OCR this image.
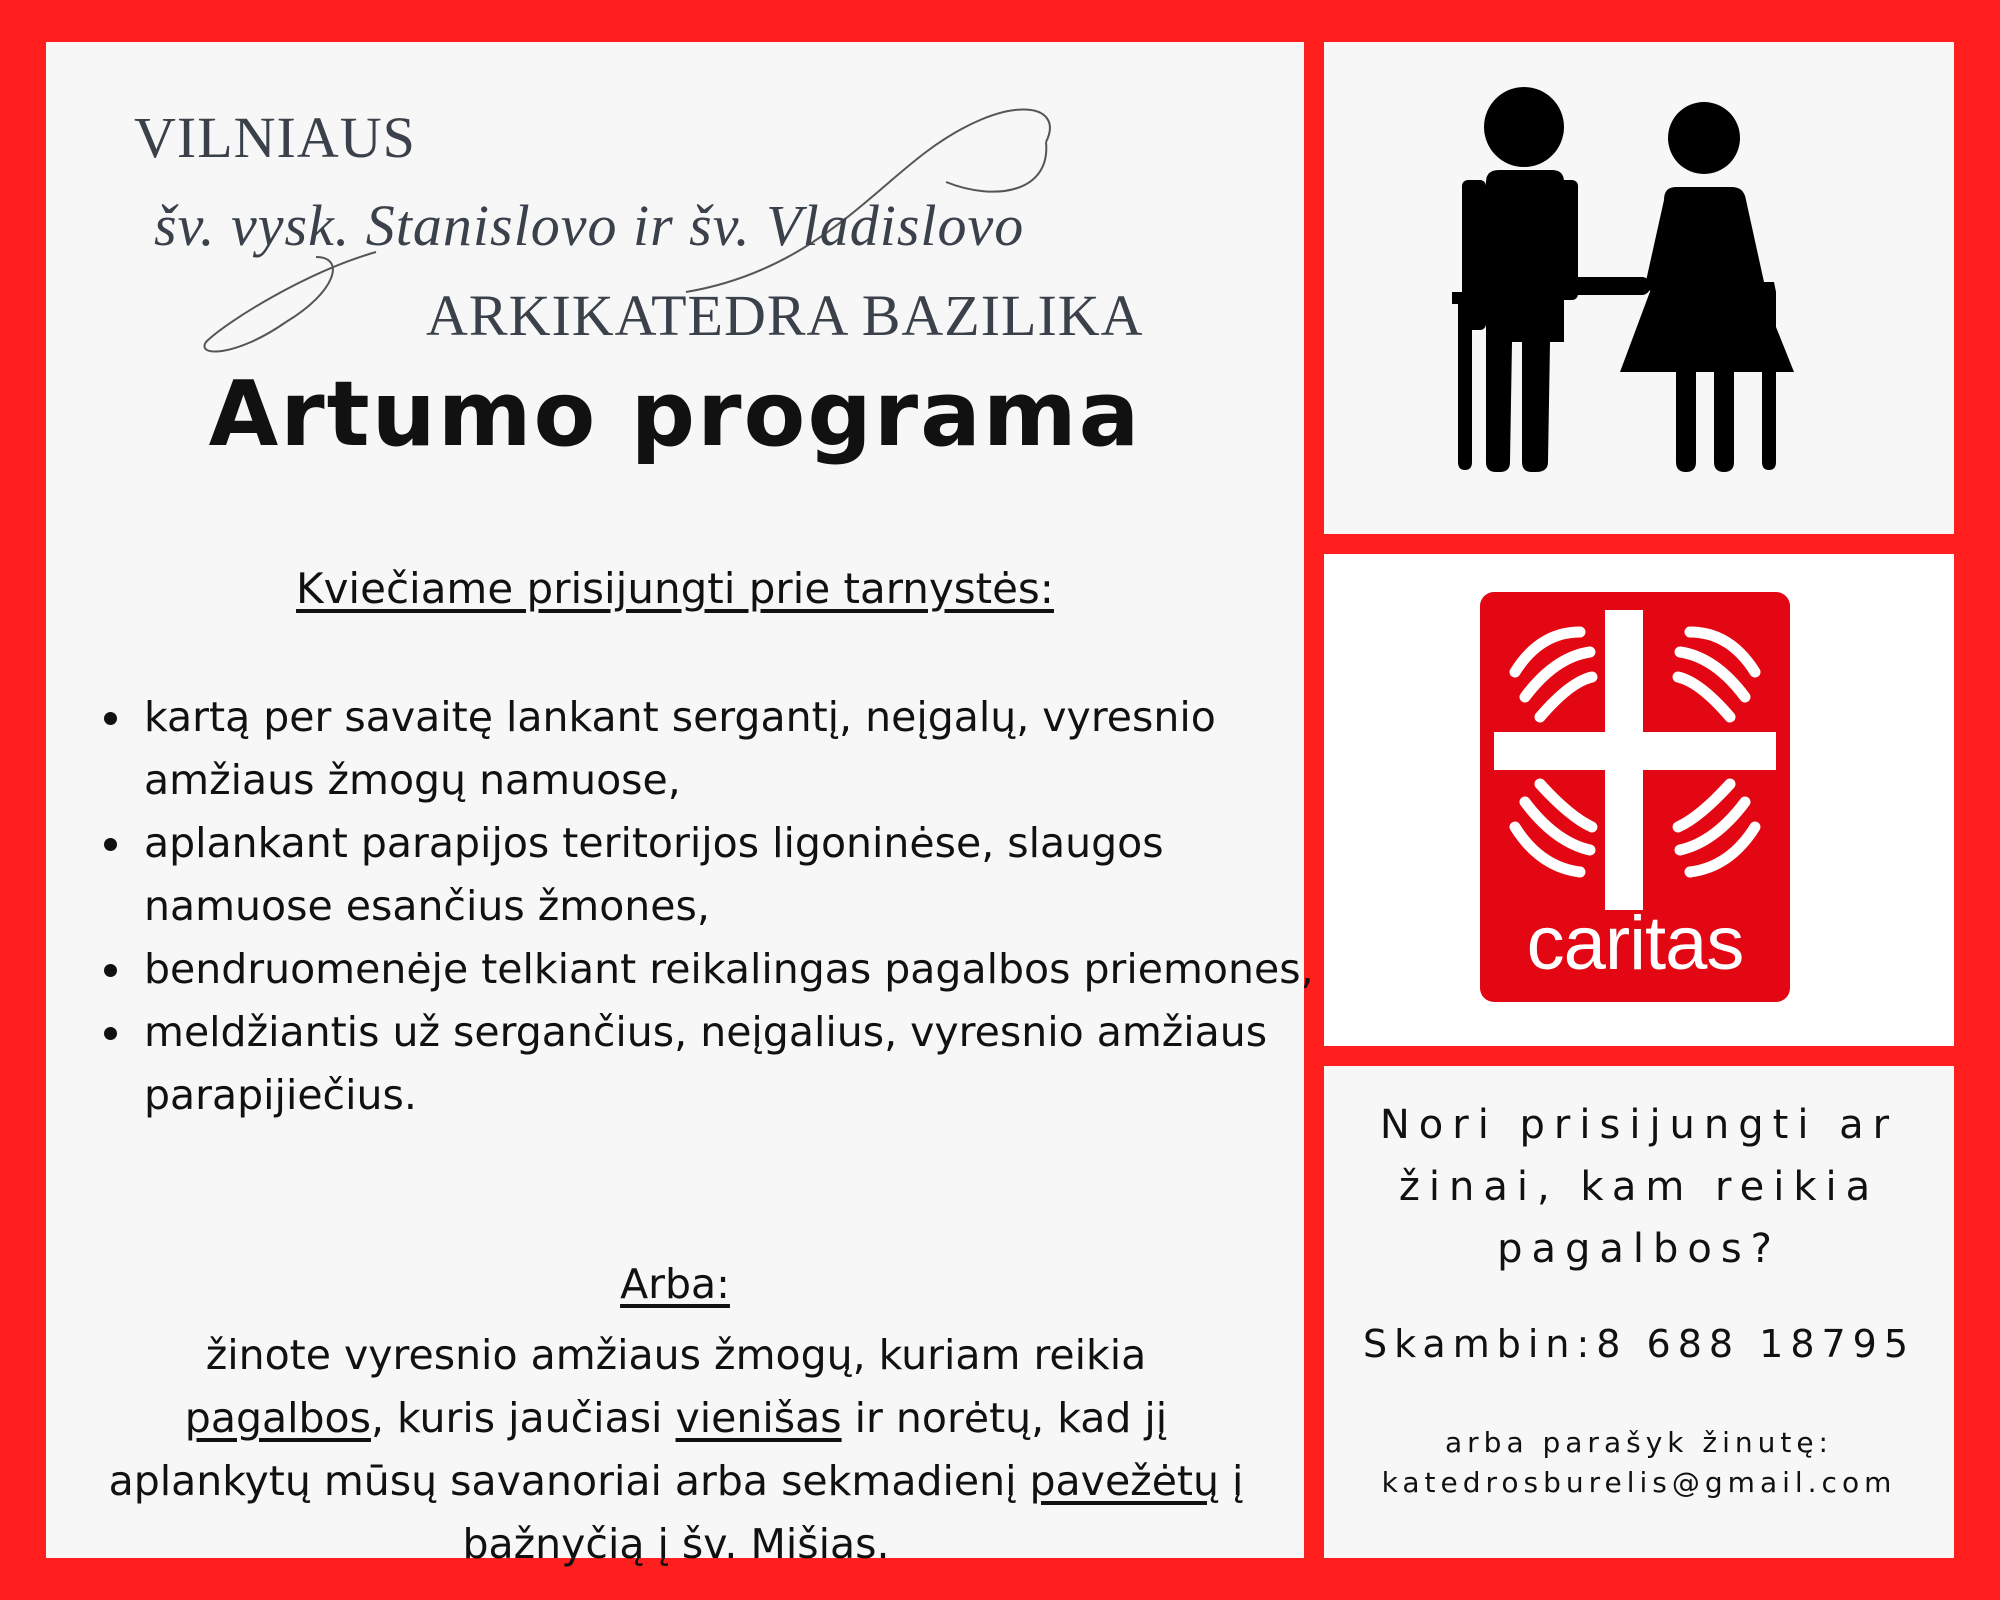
VILNIAUS
šv. vysk. Stanislovo ir šv. Vladislovo
ARKIKATEDRA BAZILIKA
Artumo programa
Kviečiame prisijungti prie tarnystės:
• kartą per savaitę lankant sergantį, neįgalų, vyresnio amžiaus žmogų namuose,
• aplankant parapijos teritorijos ligoninėse, slaugos namuose esančius žmones,
• bendruomenėje telkiant reikalingas pagalbos priemones,
• meldžiantis už sergančius, neįgalius, vyresnio amžiaus parapijiečius.
Arba:
žinote vyresnio amžiaus žmogų, kuriam reikia pagalbos, kuris jaučiasi vienišas ir norėtų, kad jį aplankytų mūsų savanoriai arba sekmadienį pavežėtų į bažnyčią į šv. Mišias.
caritas
Nori prisijungti ar žinai, kam reikia pagalbos?
Skambin:8 688 18795
arba parašyk žinutę:
katedrosburelis@gmail.com
